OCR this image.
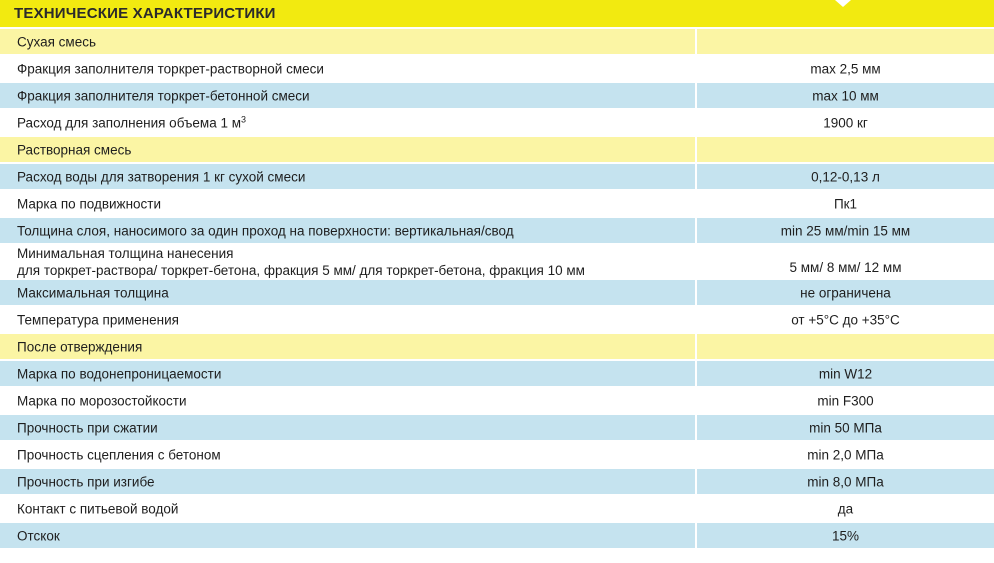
ТЕХНИЧЕСКИЕ ХАРАКТЕРИСТИКИ
Сухая смесь
Фракция заполнителя торкрет-растворной смеси	max 2,5 мм
Фракция заполнителя торкрет-бетонной смеси	max 10 мм
Расход для заполнения объема 1 $м^3$	1900 кг
Растворная смесь
Расход воды для затворения 1 кг сухой смеси	0,12-0,13 л
Марка по подвижности	Пк1
Толщина слоя, наносимого за один проход на поверхности: вертикальная/свод	min 25 мм/min 15 мм
Минимальная толщина нанесения
для торкрет-раствора/ торкрет-бетона, фракция 5 мм/ для торкрет-бетона, фракция 10 мм	5 мм/ 8 мм/ 12 мм
Максимальная толщина	не ограничена
Температура применения	от +5°С до +35°С
После отверждения
Марка по водонепроницаемости	min W12
Марка по морозостойкости	min F300
Прочность при сжатии	min 50 МПа
Прочность сцепления с бетоном	min 2,0 МПа
Прочность при изгибе	min 8,0 МПа
Контакт с питьевой водой	да
Отскок	15%
